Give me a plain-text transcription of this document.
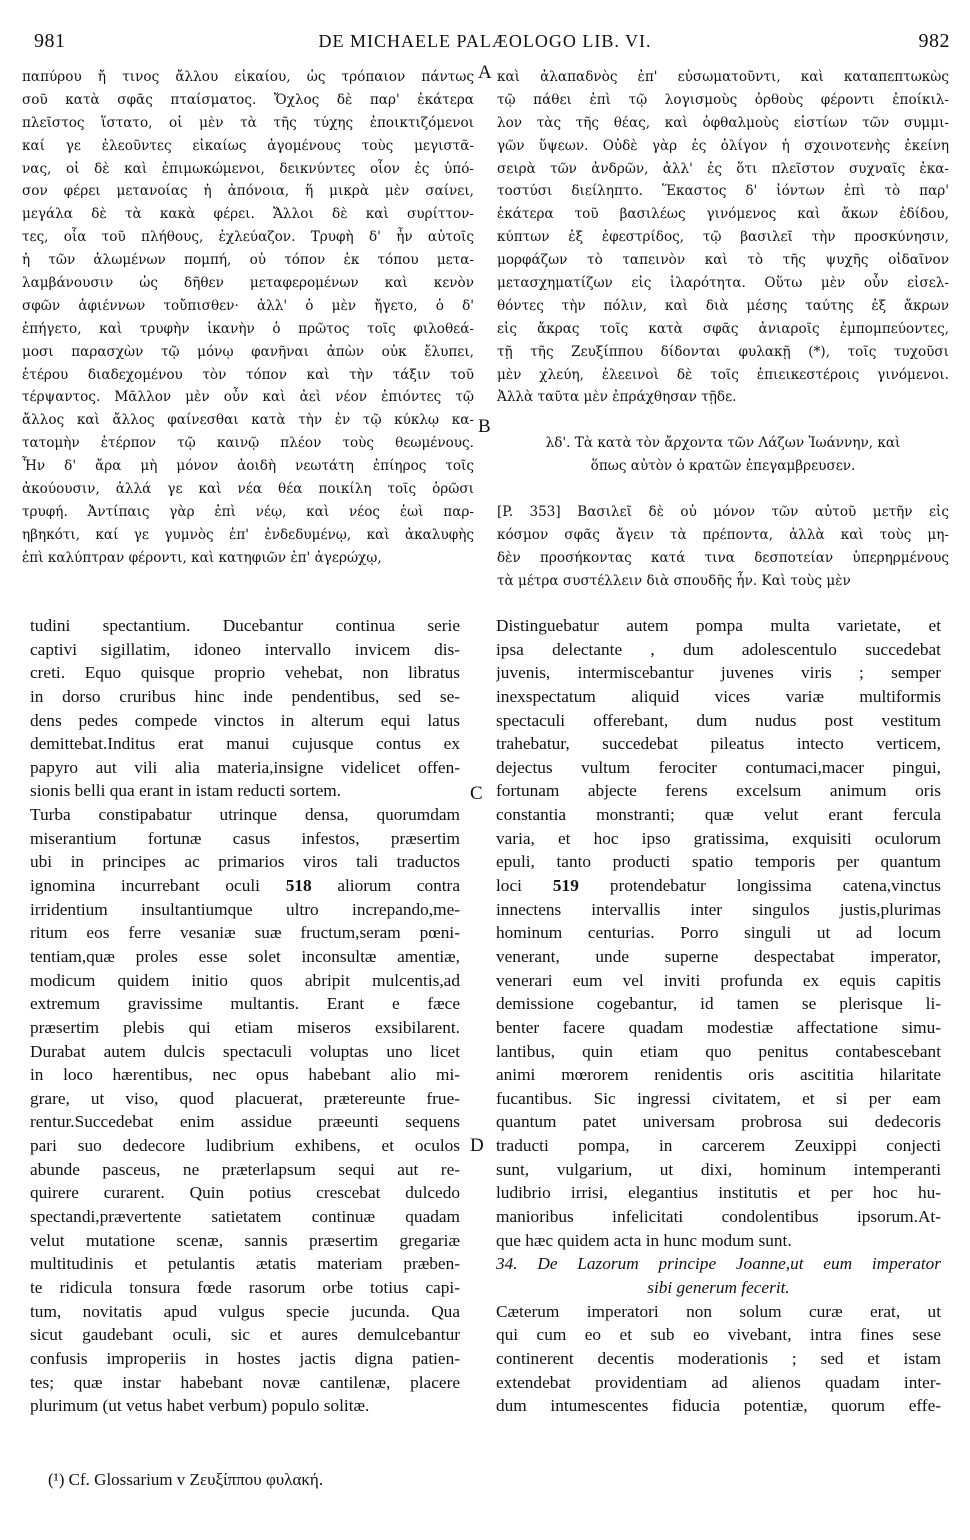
981	DE MICHAELE PALÆOLOGO LIB. VI.	982
A
B
C
D
παπύρου ἤ τινος ἄλλου εἰκαίου, ὡς τρόπαιον πάντως
σοῦ κατὰ σφᾶς πταίσματος. Ὄχλος δὲ παρ' ἑκάτερα
πλεῖστος ἵστατο, οἱ μὲν τὰ τῆς τύχης ἐποικτιζόμενοι
καί γε ἐλεοῦντες εἰκαίως ἀγομένους τοὺς μεγιστᾶ-
νας, οἱ δὲ καὶ ἐπιμωκώμενοι, δεικνύντες οἷον ἐς ὑπό-
σον φέρει μετανοίας ἡ ἀπόνοια, ἥ μικρὰ μὲν σαίνει,
μεγάλα δὲ τὰ κακὰ φέρει. Ἄλλοι δὲ καὶ συρίττον-
τες, οἷα τοῦ πλήθους, ἐχλεύαζον. Τρυφὴ δ' ἦν αὐτοῖς
ἡ τῶν ἁλωμένων πομπή, οὐ τόπον ἐκ τόπου μετα-
λαμβάνουσιν ὡς δῆθεν μεταφερομένων καὶ κενὸν
σφῶν ἀφιέννων τοὔπισθεν· ἀλλ' ὁ μὲν ἤγετο, ὁ δ'
ἐπήγετο, καὶ τρυφὴν ἱκανὴν ὁ πρῶτος τοῖς φιλοθεά-
μοσι παρασχὼν τῷ μόνῳ φανῆναι ἀπὼν οὐκ ἔλυπει,
ἑτέρου διαδεχομένου τὸν τόπον καὶ τὴν τάξιν τοῦ
τέρψαντος. Μᾶλλον μὲν οὖν καὶ ἀεὶ νέον ἐπιόντες τῷ
ἄλλος καὶ ἄλλος φαίνεσθαι κατὰ τὴν ἐν τῷ κύκλῳ κα-
τατομὴν ἑτέρπον τῷ καινῷ πλέον τοὺς θεωμένους.
Ἦν δ' ἄρα μὴ μόνον ἀοιδὴ νεωτάτη ἐπίηρος τοῖς
ἀκούουσιν, ἀλλά γε καὶ νέα θέα ποικίλη τοῖς ὁρῶσι
τρυφή. Ἀντίπαις γὰρ ἐπὶ νέῳ, καὶ νέος ἐωὶ παρ-
ηβηκότι, καί γε γυμνὸς ἐπ' ἐνδεδυμένῳ, καὶ ἀκαλυφὴς
ἐπὶ καλύπτραν φέροντι, καὶ κατηφιῶν ἐπ' ἀγερώχῳ,
καὶ ἀλαπαδνὸς ἐπ' εὐσωματοῦντι, καὶ καταπεπτωκὼς
τῷ πάθει ἐπὶ τῷ λογισμοὺς ὀρθοὺς φέροντι ἐποίκιλ-
λον τὰς τῆς θέας, καὶ ὀφθαλμοὺς εἱστίων τῶν συμμι-
γῶν ὕψεων. Οὐδὲ γὰρ ἐς ὀλίγον ἡ σχοινοτενὴς ἐκείνη
σειρὰ τῶν ἀνδρῶν, ἀλλ' ἐς ὅτι πλεῖστον συχναῖς ἐκα-
τοστύσι διείληπτο. Ἕκαστος δ' ἰόντων ἐπὶ τὸ παρ'
ἑκάτερα τοῦ βασιλέως γινόμενος καὶ ἄκων ἐδίδου,
κύπτων ἐξ ἐφεστρίδος, τῷ βασιλεῖ τὴν προσκύνησιν,
μορφάζων τὸ ταπεινὸν καὶ τὸ τῆς ψυχῆς οἰδαῖνον
μετασχηματίζων εἰς ἱλαρότητα. Οὕτω μὲν οὖν εἰσελ-
θόντες τὴν πόλιν, καὶ διὰ μέσης ταύτης ἐξ ἄκρων
εἰς ἄκρας τοῖς κατὰ σφᾶς ἀνιαροῖς ἐμπομπεύοντες,
τῇ τῆς Ζευξίππου δίδονται φυλακῇ (*), τοῖς τυχοῦσι
μὲν χλεύη, ἐλεεινοὶ δὲ τοῖς ἐπιεικεστέροις γινόμενοι.
Ἀλλὰ ταῦτα μὲν ἐπράχθησαν τῇδε.
λδ'. Τὰ κατὰ τὸν ἄρχοντα τῶν Λάζων Ἰωάννην, καὶ
ὅπως αὐτὸν ὁ κρατῶν ἐπεγαμβρευσεν.
[P. 353] Βασιλεῖ δὲ οὐ μόνον τῶν αὐτοῦ μετῆν εἰς
κόσμον σφᾶς ἄγειν τὰ πρέποντα, ἀλλὰ καὶ τοὺς μη-
δὲν προσήκοντας κατά τινα δεσποτείαν ὑπερηρμένους
τὰ μέτρα συστέλλειν διὰ σπουδῆς ἦν. Καὶ τοὺς μὲν
tudini spectantium. Ducebantur continua serie
captivi sigillatim, idoneo intervallo invicem dis-
creti. Equo quisque proprio vehebat, non libratus
in dorso cruribus hinc inde pendentibus, sed se-
dens pedes compede vinctos in alterum equi latus
demittebat.Inditus erat manui cujusque contus ex
papyro aut vili alia materia,insigne videlicet offen-
sionis belli qua erant in istam reducti sortem.
Turba constipabatur utrinque densa, quorumdam
miserantium fortunæ casus infestos, præsertim
ubi in principes ac primarios viros tali traductos
ignomina incurrebant oculi 518 aliorum contra
irridentium insultantiumque ultro increpando,me-
ritum eos ferre vesaniæ suæ fructum,seram pœni-
tentiam,quæ proles esse solet inconsultæ amentiæ,
modicum quidem initio quos abripit mulcentis,ad
extremum gravissime multantis. Erant e fæce
præsertim plebis qui etiam miseros exsibilarent.
Durabat autem dulcis spectaculi voluptas uno licet
in loco hærentibus, nec opus habebant alio mi-
grare, ut viso, quod placuerat, prætereunte frue-
rentur.Succedebat enim assidue præeunti sequens
pari suo dedecore ludibrium exhibens, et oculos
abunde pasceus, ne præterlapsum sequi aut re-
quirere curarent. Quin potius crescebat dulcedo
spectandi,prævertente satietatem continuæ quadam
velut mutatione scenæ, sannis præsertim gregariæ
multitudinis et petulantis ætatis materiam præben-
te ridicula tonsura fœde rasorum orbe totius capi-
tum, novitatis apud vulgus specie jucunda. Qua
sicut gaudebant oculi, sic et aures demulcebantur
confusis improperiis in hostes jactis digna patien-
tes; quæ instar habebant novæ cantilenæ, placere
plurimum (ut vetus habet verbum) populo solitæ.
Distinguebatur autem pompa multa varietate, et
ipsa delectante , dum adolescentulo succedebat
juvenis, intermiscebantur juvenes viris ; semper
inexspectatum aliquid vices variæ multiformis
spectaculi offerebant, dum nudus post vestitum
trahebatur, succedebat pileatus intecto verticem,
dejectus vultum ferociter contumaci,macer pingui,
fortunam abjecte ferens excelsum animum oris
constantia monstranti; quæ velut erant fercula
varia, et hoc ipso gratissima, exquisiti oculorum
epuli, tanto producti spatio temporis per quantum
loci 519 protendebatur longissima catena,vinctus
innectens intervallis inter singulos justis,plurimas
hominum centurias. Porro singuli ut ad locum
venerant, unde superne despectabat imperator,
venerari eum vel inviti profunda ex equis capitis
demissione cogebantur, id tamen se plerisque li-
benter facere quadam modestiæ affectatione simu-
lantibus, quin etiam quo penitus contabescebant
animi mœrorem renidentis oris ascititia hilaritate
fucantibus. Sic ingressi civitatem, et si per eam
quantum patet universam probrosa sui dedecoris
traducti pompa, in carcerem Zeuxippi conjecti
sunt, vulgarium, ut dixi, hominum intemperanti
ludibrio irrisi, elegantius institutis et per hoc hu-
manioribus infelicitati condolentibus ipsorum.At-
que hæc quidem acta in hunc modum sunt.
34. De Lazorum principe Joanne,ut eum imperator
sibi generum fecerit.
Cæterum imperatori non solum curæ erat, ut
qui cum eo et sub eo vivebant, intra fines sese
continerent decentis moderationis ; sed et istam
extendebat providentiam ad alienos quadam inter-
dum intumescentes fiducia potentiæ, quorum effe-
(¹) Cf. Glossarium v Ζευξίππου φυλακή.
